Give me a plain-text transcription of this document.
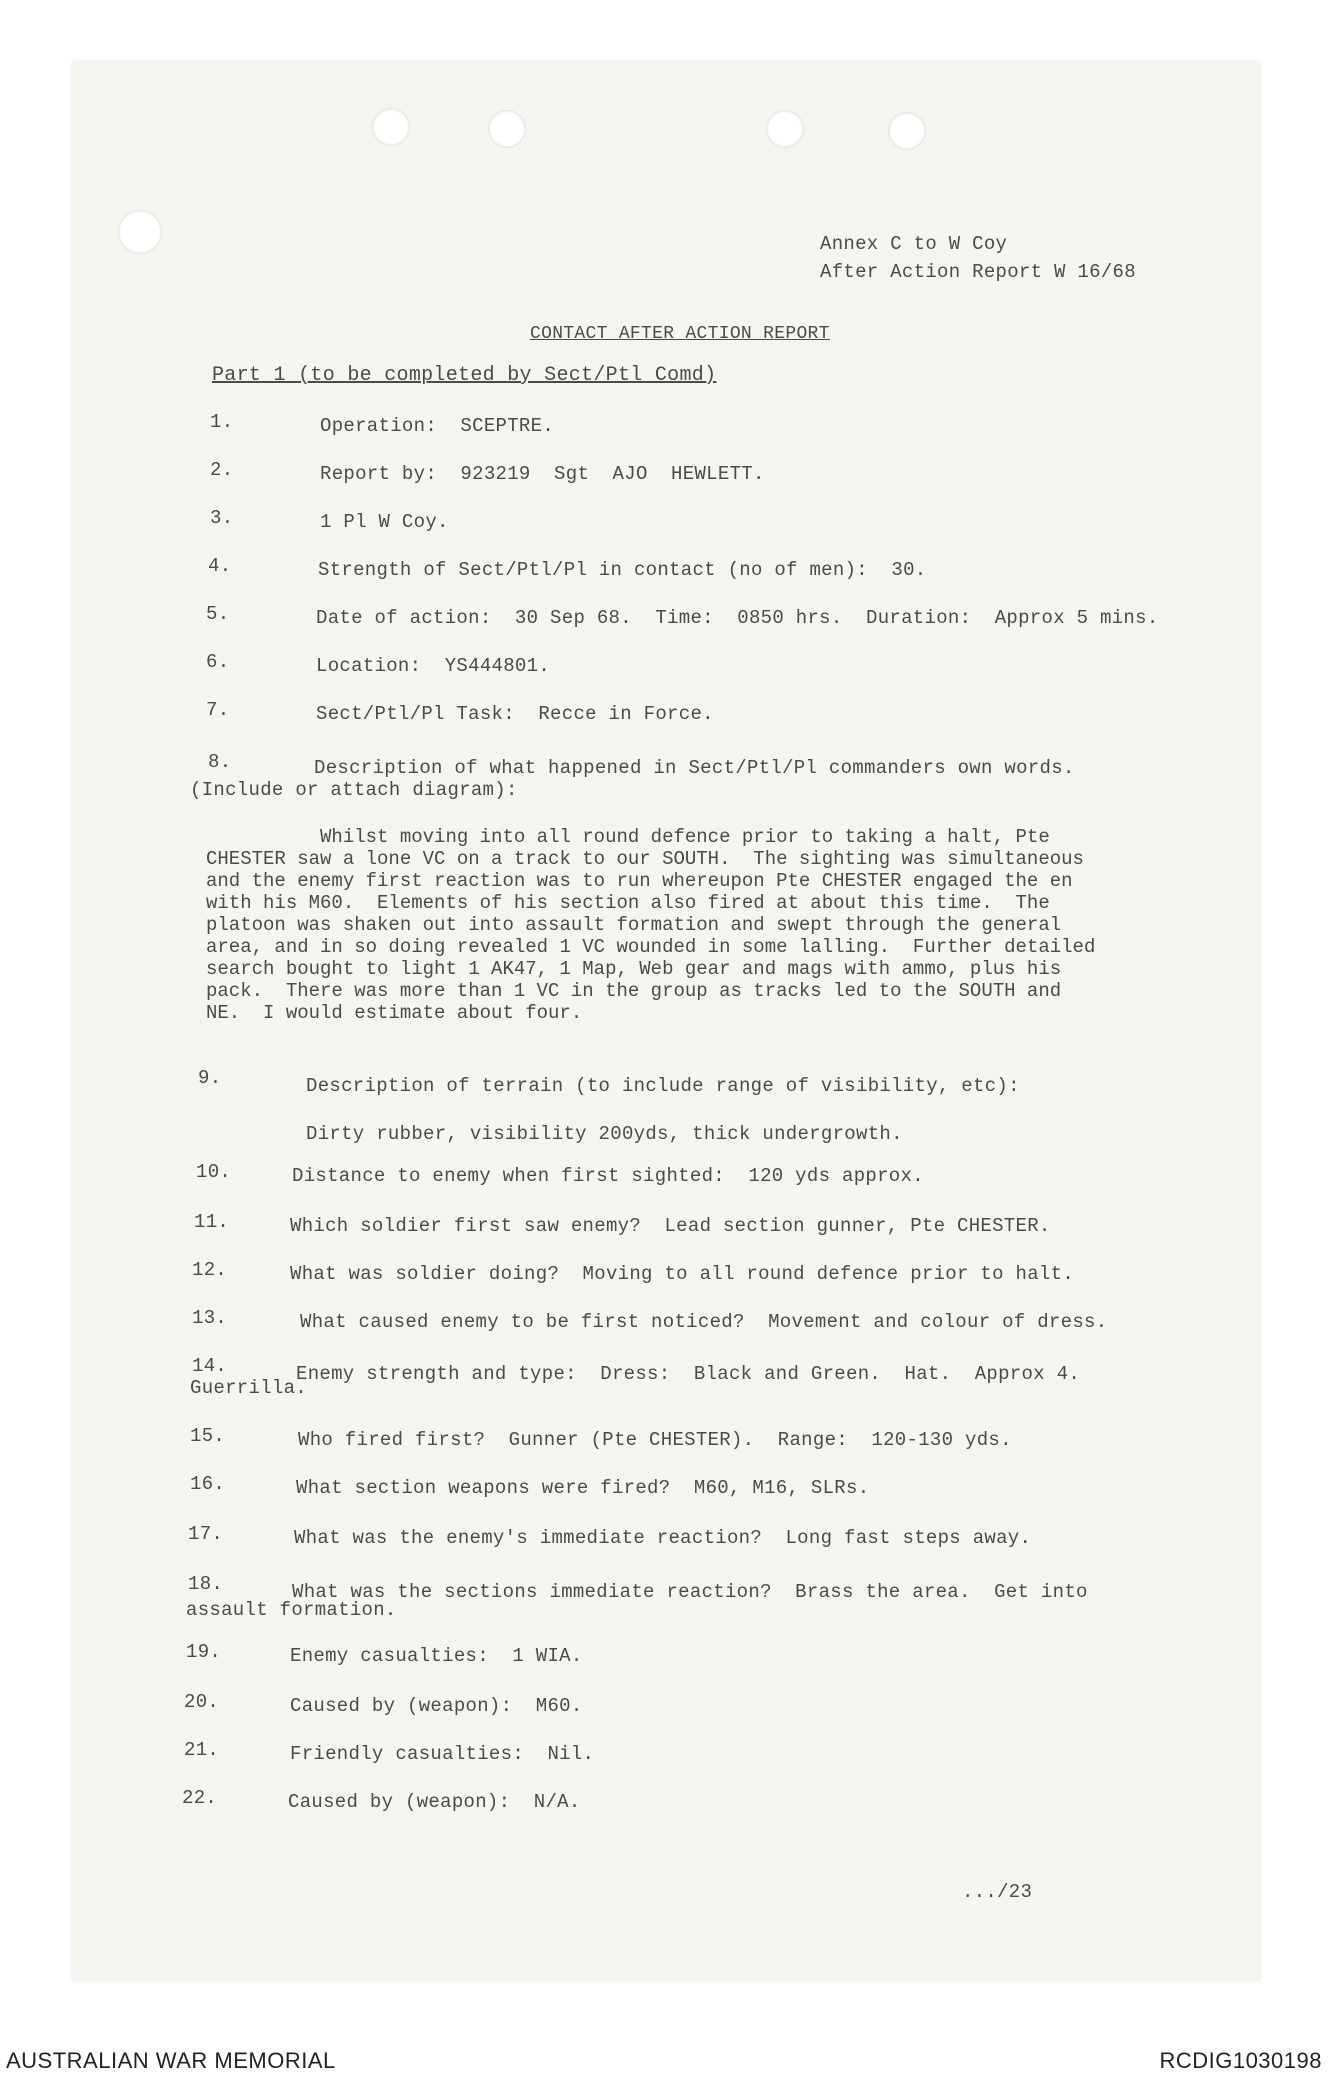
Annex C to W Coy
After Action Report W 16/68
CONTACT AFTER ACTION REPORT
Part 1 (to be completed by Sect/Ptl Comd)
1.	Operation:  SCEPTRE.
2.	Report by:  923219  Sgt  AJO  HEWLETT.
3.	1 Pl W Coy.
4.	Strength of Sect/Ptl/Pl in contact (no of men):  30.
5.	Date of action:  30 Sep 68.  Time:  0850 hrs.  Duration:  Approx 5 mins.
6.	Location:  YS444801.
7.	Sect/Ptl/Pl Task:  Recce in Force.
8.	Description of what happened in Sect/Ptl/Pl commanders own words.
(Include or attach diagram):
Whilst moving into all round defence prior to taking a halt, Pte
CHESTER saw a lone VC on a track to our SOUTH.  The sighting was simultaneous
and the enemy first reaction was to run whereupon Pte CHESTER engaged the en
with his M60.  Elements of his section also fired at about this time.  The
platoon was shaken out into assault formation and swept through the general
area, and in so doing revealed 1 VC wounded in some lalling.  Further detailed
search bought to light 1 AK47, 1 Map, Web gear and mags with ammo, plus his
pack.  There was more than 1 VC in the group as tracks led to the SOUTH and
NE.  I would estimate about four.
9.	Description of terrain (to include range of visibility, etc):
Dirty rubber, visibility 200yds, thick undergrowth.
10.	Distance to enemy when first sighted:  120 yds approx.
11.	Which soldier first saw enemy?  Lead section gunner, Pte CHESTER.
12.	What was soldier doing?  Moving to all round defence prior to halt.
13.	What caused enemy to be first noticed?  Movement and colour of dress.
14.	Enemy strength and type:  Dress:  Black and Green.  Hat.  Approx 4.
Guerrilla.
15.	Who fired first?  Gunner (Pte CHESTER).  Range:  120-130 yds.
16.	What section weapons were fired?  M60, M16, SLRs.
17.	What was the enemy's immediate reaction?  Long fast steps away.
18.	What was the sections immediate reaction?  Brass the area.  Get into
assault formation.
19.	Enemy casualties:  1 WIA.
20.	Caused by (weapon):  M60.
21.	Friendly casualties:  Nil.
22.	Caused by (weapon):  N/A.
.../23
AUSTRALIAN WAR MEMORIAL	RCDIG1030198
